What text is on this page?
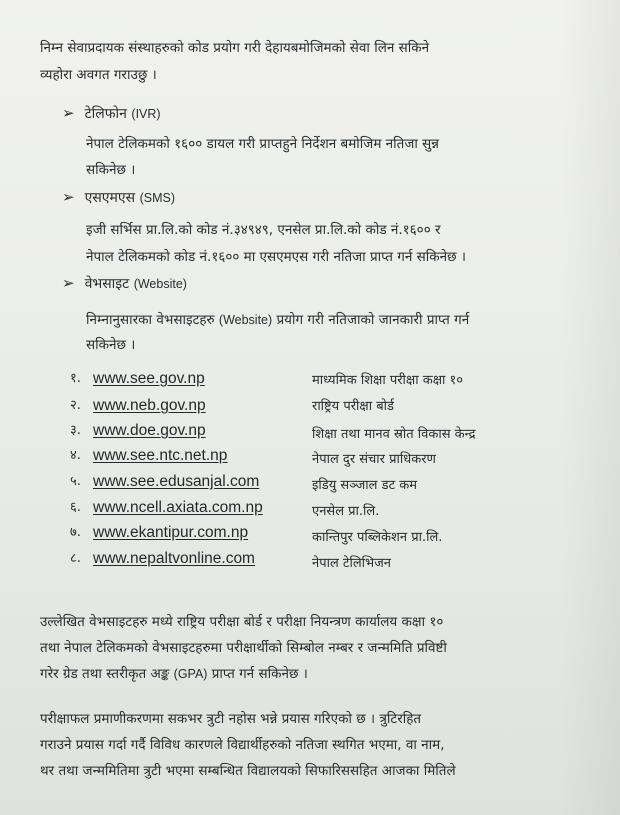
निम्न सेवाप्रदायक संस्थाहरुको कोड प्रयोग गरी देहायबमोजिमको सेवा लिन सकिने
व्यहोरा अवगत गराउछु ।
➢ टेलिफोन (IVR)
नेपाल टेलिकमको १६०० डायल गरी प्राप्तहुने निर्देशन बमोजिम नतिजा सुन्न
सकिनेछ ।
➢ एसएमएस (SMS)
इजी सर्भिस प्रा.लि.को कोड नं.३४९४९, एनसेल प्रा.लि.को कोड नं.१६०० र
नेपाल टेलिकमको कोड नं.१६०० मा एसएमएस गरी नतिजा प्राप्त गर्न सकिनेछ ।
➢ वेभसाइट (Website)
निम्नानुसारका वेभसाइटहरु (Website) प्रयोग गरी नतिजाको जानकारी प्राप्त गर्न
सकिनेछ ।
१. www.see.gov.np	माध्यमिक शिक्षा परीक्षा कक्षा १०
२. www.neb.gov.np	राष्ट्रिय परीक्षा बोर्ड
३. www.doe.gov.np	शिक्षा तथा मानव स्रोत विकास केन्द्र
४. www.see.ntc.net.np	नेपाल दुर संचार प्राधिकरण
५. www.see.edusanjal.com	इडियु सञ्जाल डट कम
६. www.ncell.axiata.com.np	एनसेल प्रा.लि.
७. www.ekantipur.com.np	कान्तिपुर पब्लिकेशन प्रा.लि.
८. www.nepaltvonline.com	नेपाल टेलिभिजन
उल्लेखित वेभसाइटहरु मध्ये राष्ट्रिय परीक्षा बोर्ड र परीक्षा नियन्त्रण कार्यालय कक्षा १०
तथा नेपाल टेलिकमको वेभसाइटहरुमा परीक्षार्थीको सिम्बोल नम्बर र जन्ममिति प्रविष्टी
गरेर ग्रेड तथा स्तरीकृत अङ्क (GPA) प्राप्त गर्न सकिनेछ ।
परीक्षाफल प्रमाणीकरणमा सकभर त्रुटी नहोस भन्ने प्रयास गरिएको छ । त्रुटिरहित
गराउने प्रयास गर्दा गर्दै विविध कारणले विद्यार्थीहरुको नतिजा स्थगित भएमा, वा नाम,
थर तथा जन्ममितिमा त्रुटी भएमा सम्बन्धित विद्यालयको सिफारिससहित आजका मितिले
